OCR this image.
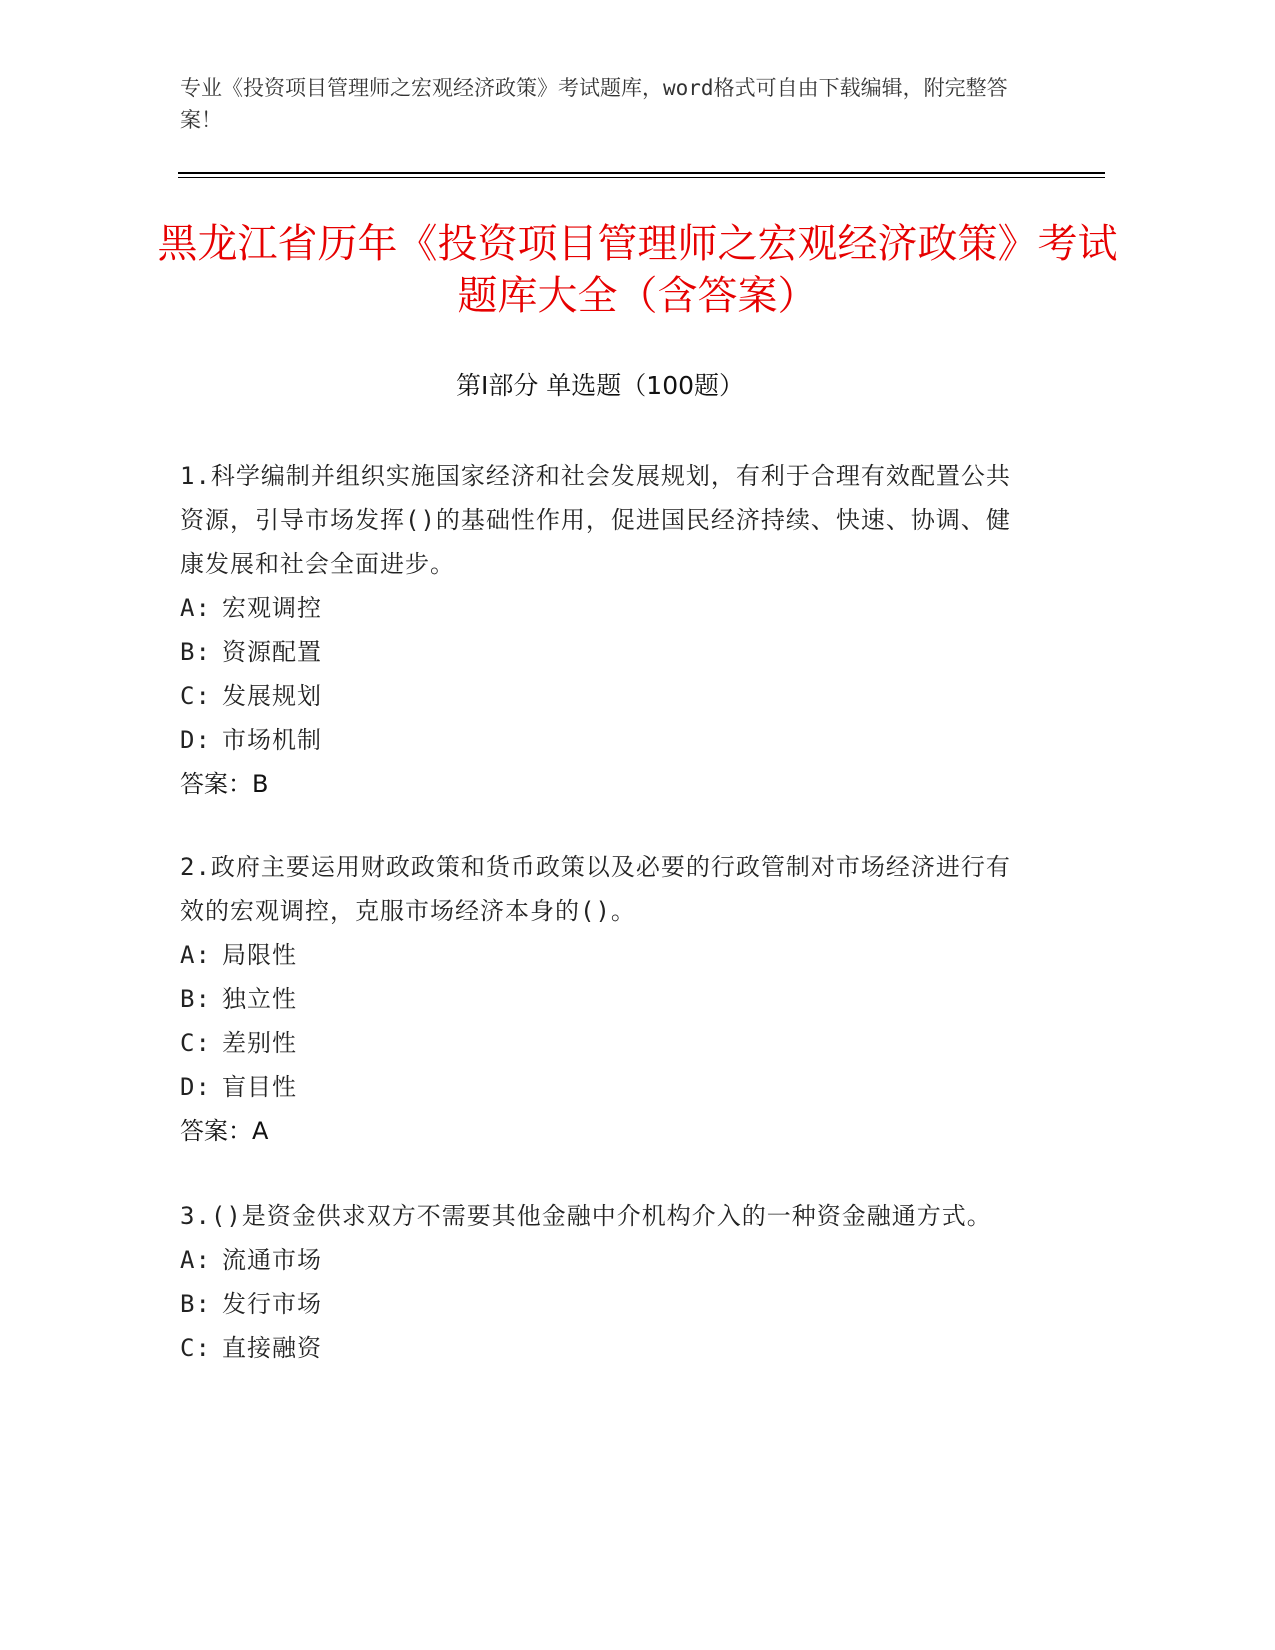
专业《投资项目管理师之宏观经济政策》考试题库，word格式可自由下载编辑，附完整答案！
黑龙江省历年《投资项目管理师之宏观经济政策》考试题库大全（含答案）
第I部分 单选题（100题）
1.科学编制并组织实施国家经济和社会发展规划，有利于合理有效配置公共资源，引导市场发挥()的基础性作用，促进国民经济持续、快速、协调、健康发展和社会全面进步。
A: 宏观调控
B: 资源配置
C: 发展规划
D: 市场机制
答案：B
2.政府主要运用财政政策和货币政策以及必要的行政管制对市场经济进行有效的宏观调控，克服市场经济本身的()。
A: 局限性
B: 独立性
C: 差别性
D: 盲目性
答案：A
3.()是资金供求双方不需要其他金融中介机构介入的一种资金融通方式。
A: 流通市场
B: 发行市场
C: 直接融资
